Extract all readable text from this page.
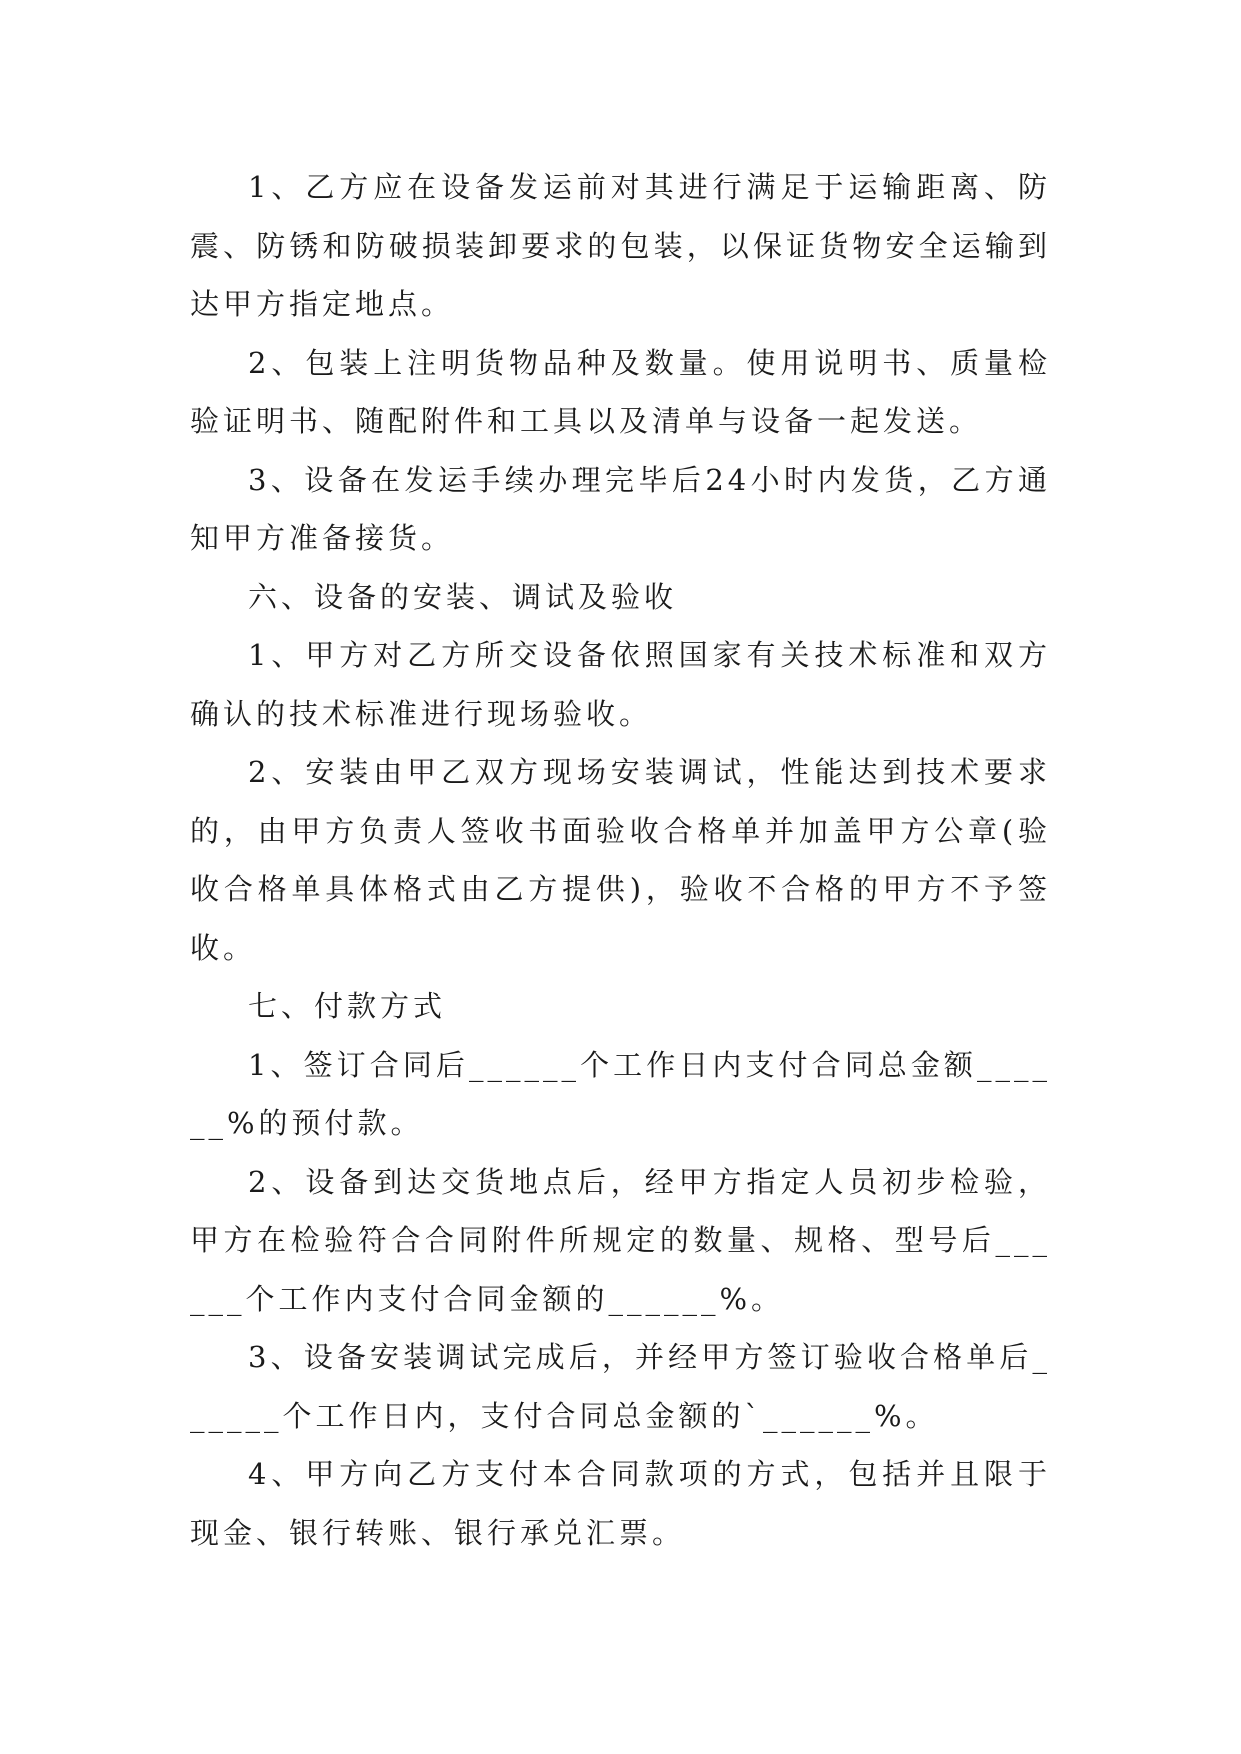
1、乙方应在设备发运前对其进行满足于运输距离、防震、防锈和防破损装卸要求的包装，以保证货物安全运输到达甲方指定地点。

2、包装上注明货物品种及数量。使用说明书、质量检验证明书、随配附件和工具以及清单与设备一起发送。

3、设备在发运手续办理完毕后24小时内发货，乙方通知甲方准备接货。

六、设备的安装、调试及验收

1、甲方对乙方所交设备依照国家有关技术标准和双方确认的技术标准进行现场验收。

2、安装由甲乙双方现场安装调试，性能达到技术要求的，由甲方负责人签收书面验收合格单并加盖甲方公章(验收合格单具体格式由乙方提供)，验收不合格的甲方不予签收。

七、付款方式

1、签订合同后______个工作日内支付合同总金额______%的预付款。

2、设备到达交货地点后，经甲方指定人员初步检验，甲方在检验符合合同附件所规定的数量、规格、型号后______个工作内支付合同金额的______%。

3、设备安装调试完成后，并经甲方签订验收合格单后______个工作日内，支付合同总金额的`______%。

4、甲方向乙方支付本合同款项的方式，包括并且限于现金、银行转账、银行承兑汇票。
